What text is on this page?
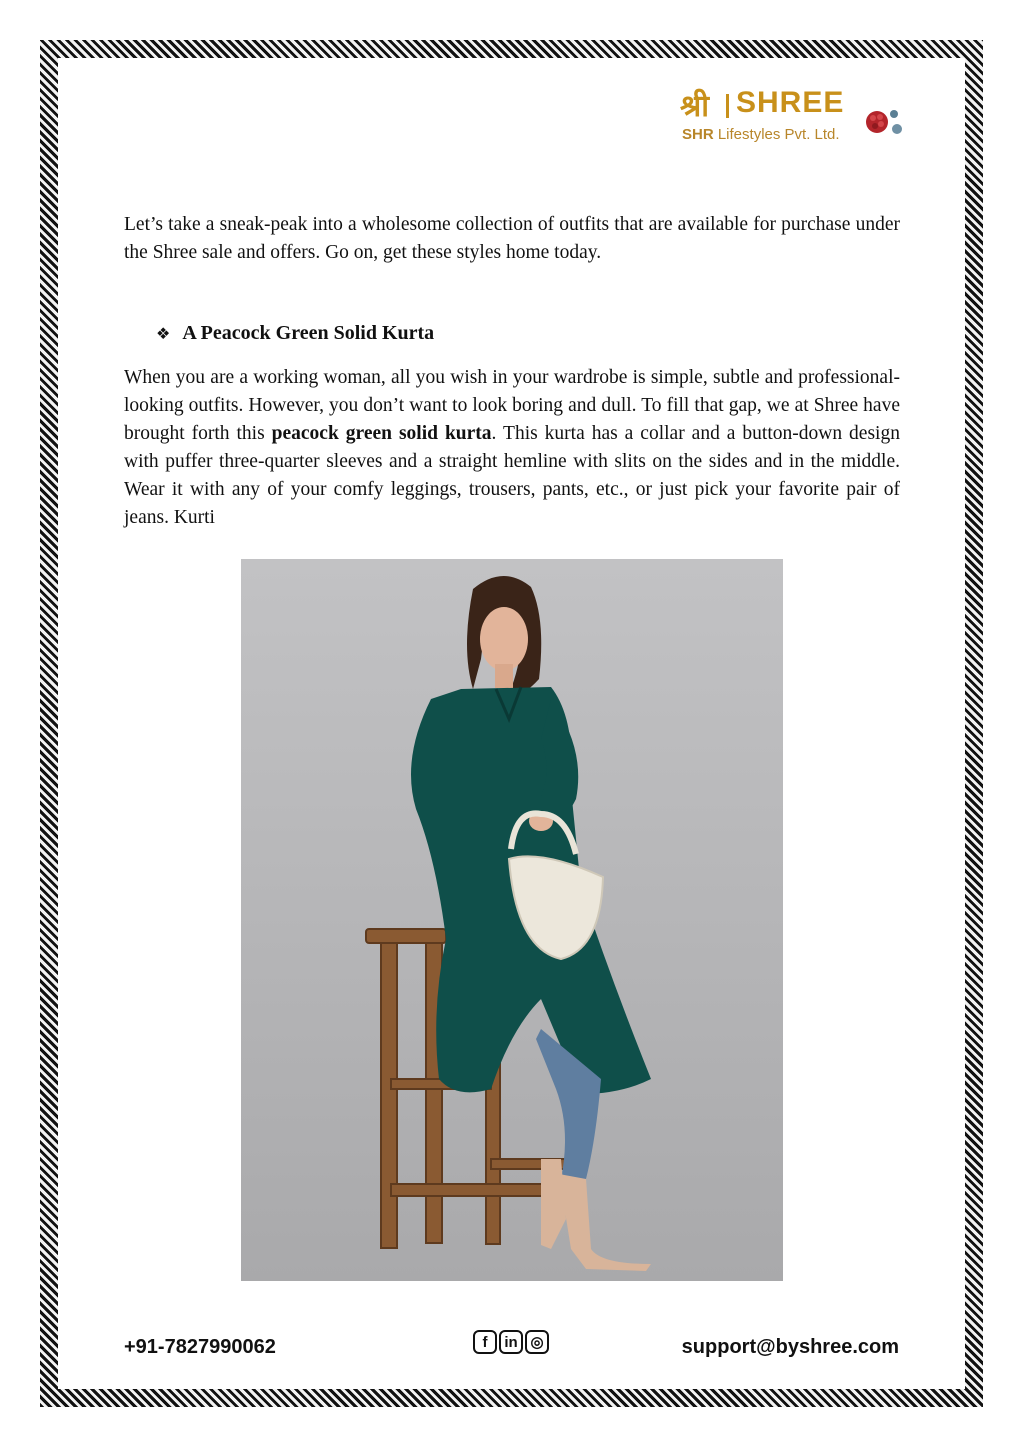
श्री SHREE
SHR Lifestyles Pvt. Ltd.

Let’s take a sneak-peak into a wholesome collection of outfits that are available for purchase under the Shree sale and offers. Go on, get these styles home today.

❖ A Peacock Green Solid Kurta

When you are a working woman, all you wish in your wardrobe is simple, subtle and professional-looking outfits. However, you don’t want to look boring and dull. To fill that gap, we at Shree have brought forth this peacock green solid kurta. This kurta has a collar and a button-down design with puffer three-quarter sleeves and a straight hemline with slits on the sides and in the middle. Wear it with any of your comfy leggings, trousers, pants, etc., or just pick your favorite pair of jeans. Kurti

+91-7827990062	f	in ◎	support@byshree.com
